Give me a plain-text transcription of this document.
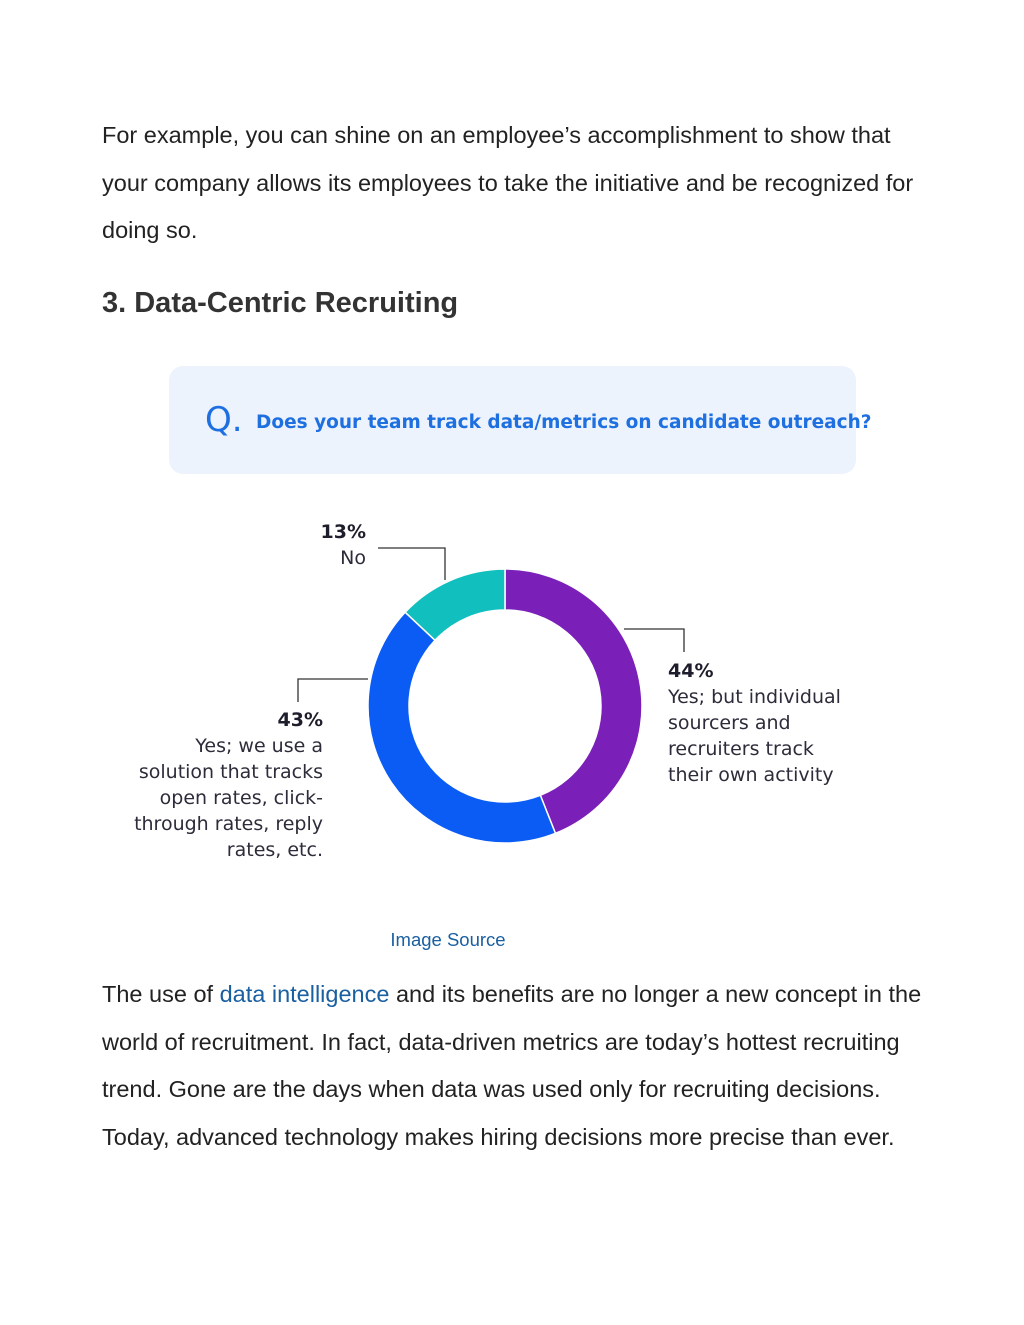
For example, you can shine on an employee’s accomplishment to show that your company allows its employees to take the initiative and be recognized for doing so.

3. Data-Centric Recruiting
Q. Does your team track data/metrics on candidate outreach?
13%
No
43%
Yes; we use a
solution that tracks
open rates, click-
through rates, reply
rates, etc.
44%
Yes; but individual
sourcers and
recruiters track
their own activity
Image Source

The use of data intelligence and its benefits are no longer a new concept in the world of recruitment. In fact, data-driven metrics are today’s hottest recruiting trend. Gone are the days when data was used only for recruiting decisions. Today, advanced technology makes hiring decisions more precise than ever.
